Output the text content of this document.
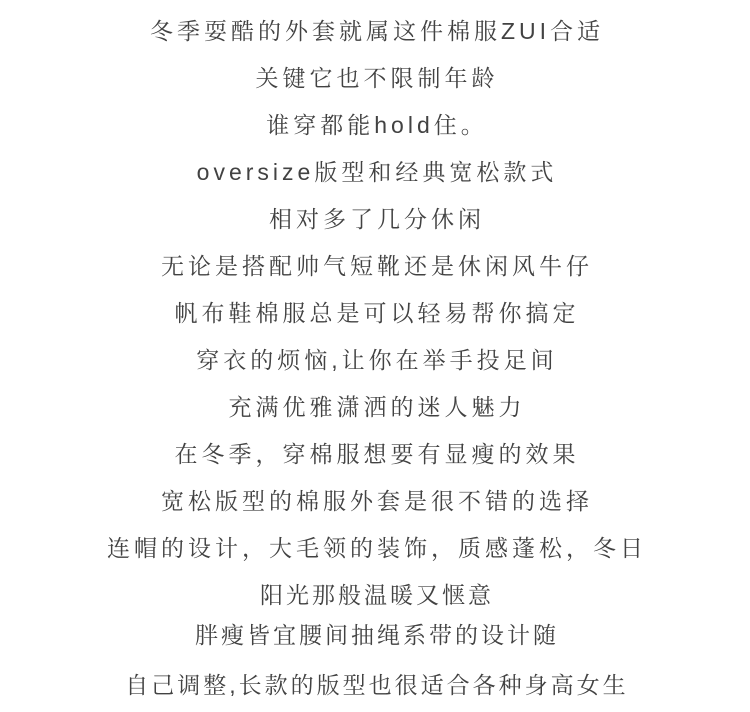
冬季耍酷的外套就属这件棉服ZUI合适
关键它也不限制年龄
谁穿都能hold住。
oversize版型和经典宽松款式
相对多了几分休闲
无论是搭配帅气短靴还是休闲风牛仔
帆布鞋棉服总是可以轻易帮你搞定
穿衣的烦恼,让你在举手投足间
充满优雅潇洒的迷人魅力
在冬季，穿棉服想要有显瘦的效果
宽松版型的棉服外套是很不错的选择
连帽的设计，大毛领的装饰，质感蓬松，冬日
阳光那般温暖又惬意
胖瘦皆宜腰间抽绳系带的设计随
自己调整,长款的版型也很适合各种身高女生
